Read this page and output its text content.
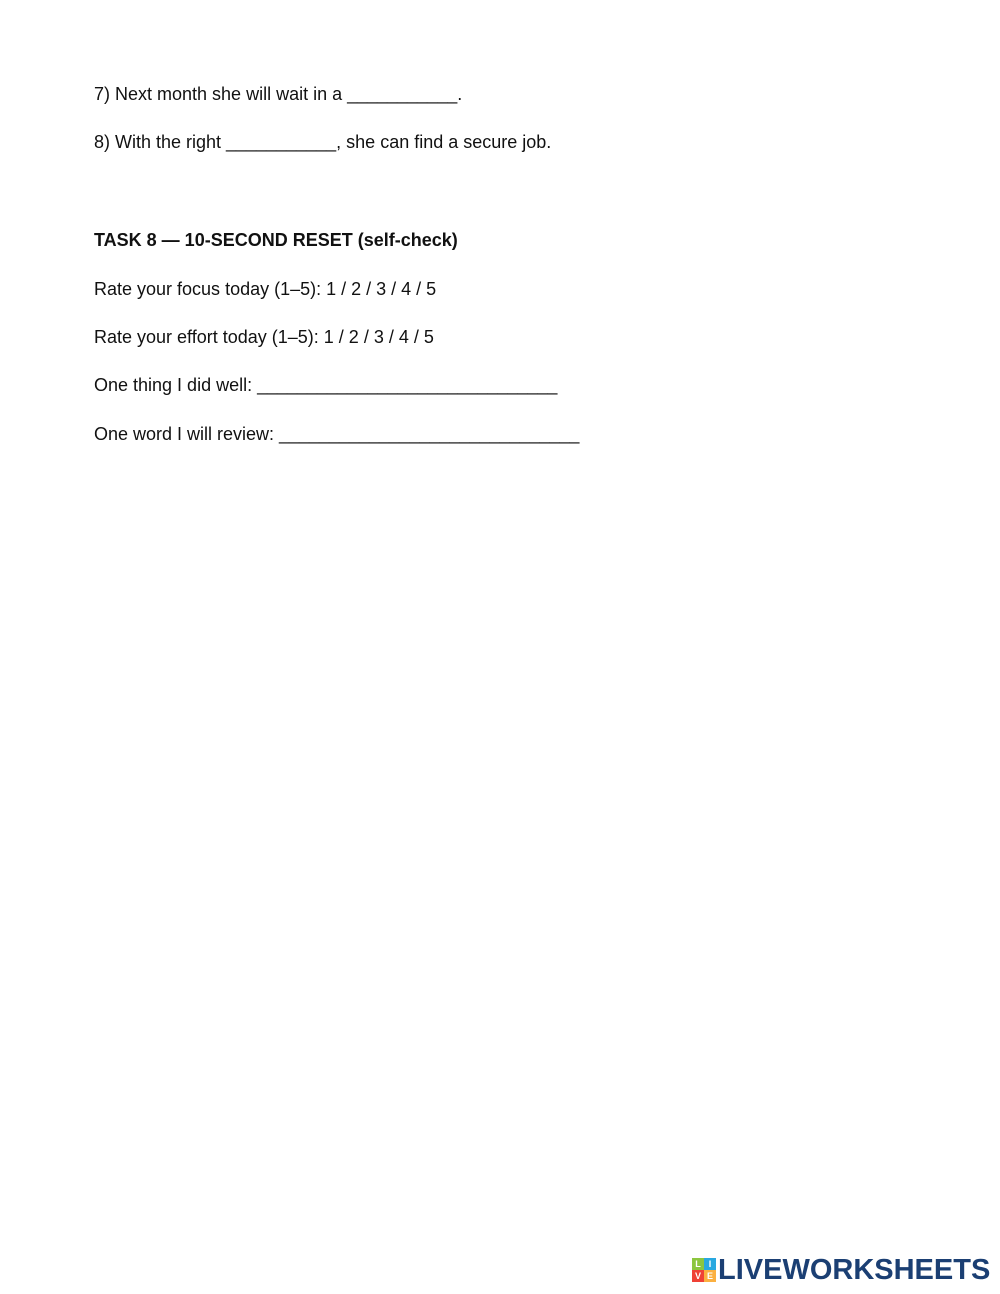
7) Next month she will wait in a ___________.
8) With the right ___________, she can find a secure job.
TASK 8 — 10-SECOND RESET (self-check)
Rate your focus today (1–5): 1 / 2 / 3 / 4 / 5
Rate your effort today (1–5): 1 / 2 / 3 / 4 / 5
One thing I did well: ______________________________
One word I will review: ______________________________
L I
V E LIVEWORKSHEETS
